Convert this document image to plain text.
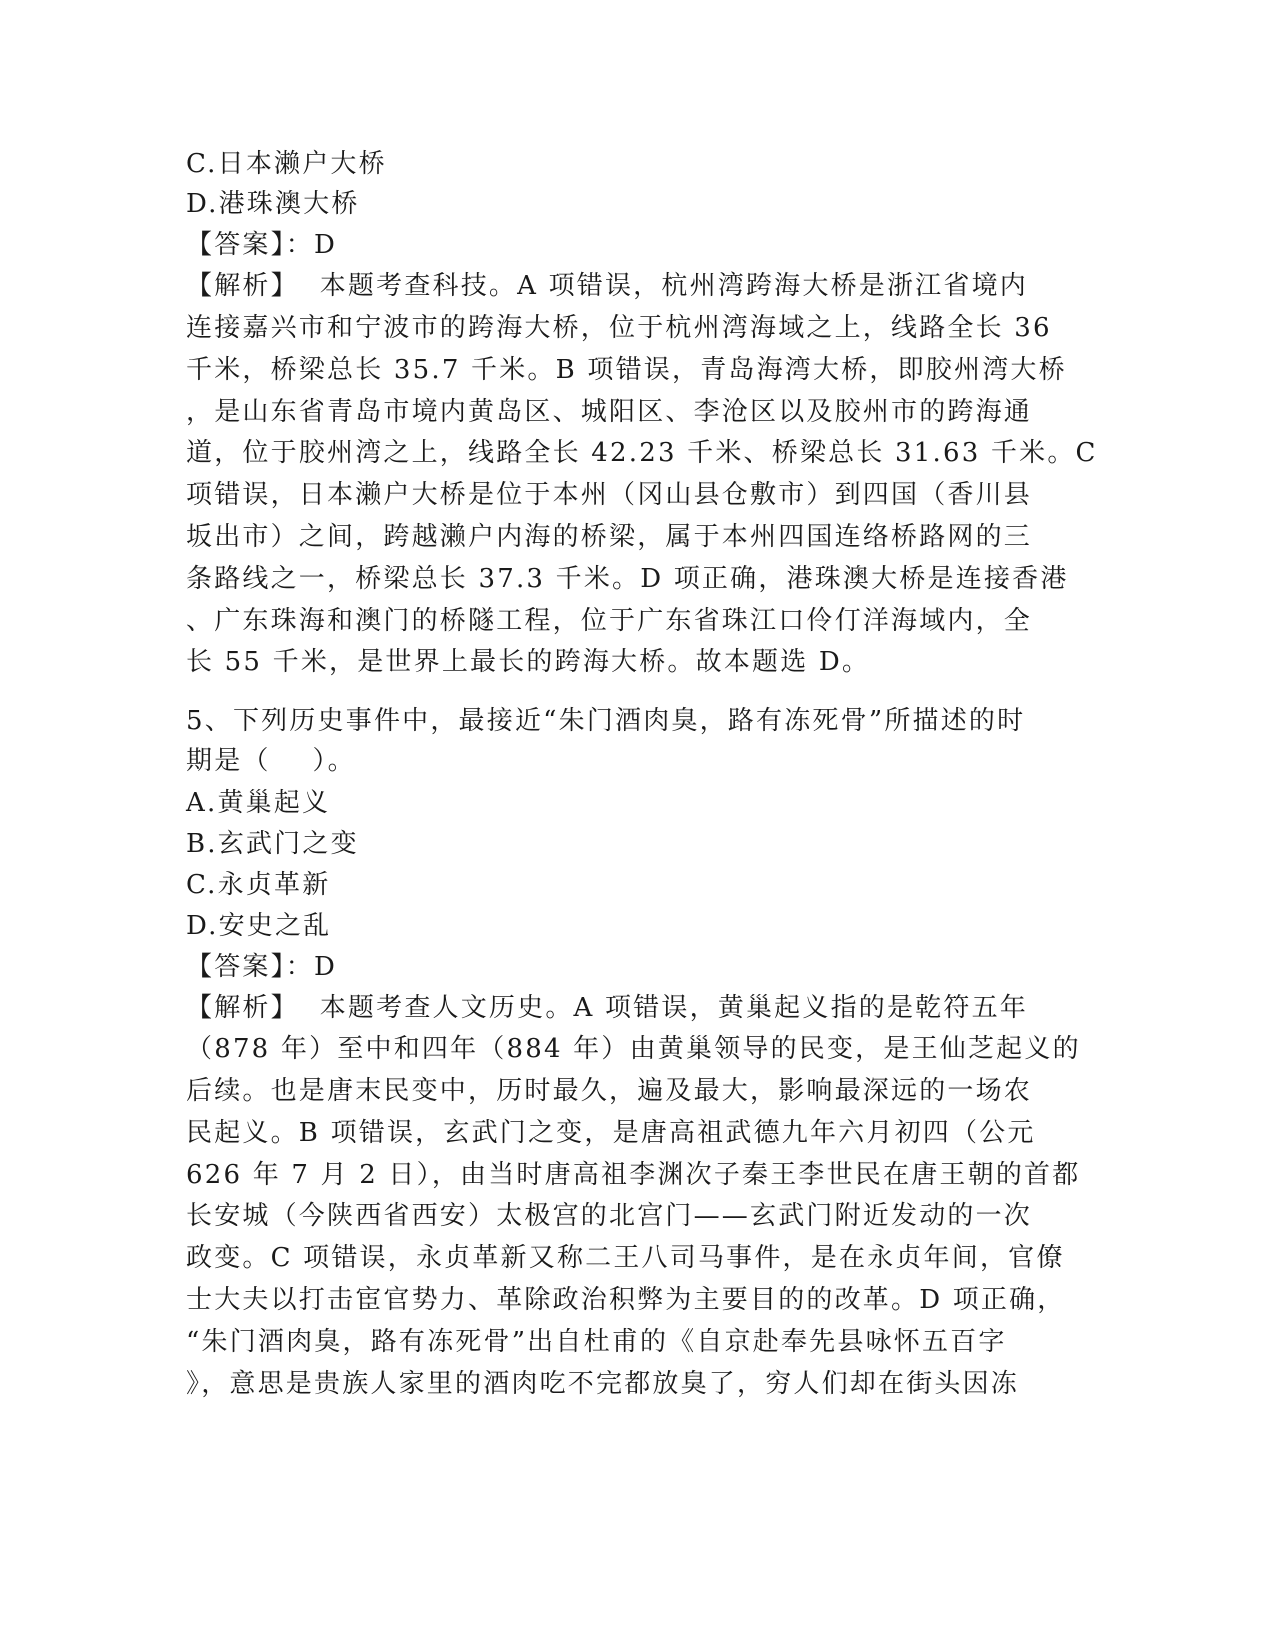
C.日本濑户大桥
D.港珠澳大桥
【答案】：D
【解析】  本题考查科技。A 项错误，杭州湾跨海大桥是浙江省境内
连接嘉兴市和宁波市的跨海大桥，位于杭州湾海域之上，线路全长 36
千米，桥梁总长 35.7 千米。B 项错误，青岛海湾大桥，即胶州湾大桥
，是山东省青岛市境内黄岛区、城阳区、李沧区以及胶州市的跨海通
道，位于胶州湾之上，线路全长 42.23 千米、桥梁总长 31.63 千米。C
项错误，日本濑户大桥是位于本州（冈山县仓敷市）到四国（香川县
坂出市）之间，跨越濑户内海的桥梁，属于本州四国连络桥路网的三
条路线之一，桥梁总长 37.3 千米。D 项正确，港珠澳大桥是连接香港
、广东珠海和澳门的桥隧工程，位于广东省珠江口伶仃洋海域内，全
长 55 千米，是世界上最长的跨海大桥。故本题选 D。
5、下列历史事件中，最接近“朱门酒肉臭，路有冻死骨”所描述的时
期是（    ）。
A.黄巢起义
B.玄武门之变
C.永贞革新
D.安史之乱
【答案】：D
【解析】  本题考查人文历史。A 项错误，黄巢起义指的是乾符五年
（878 年）至中和四年（884 年）由黄巢领导的民变，是王仙芝起义的
后续。也是唐末民变中，历时最久，遍及最大，影响最深远的一场农
民起义。B 项错误，玄武门之变，是唐高祖武德九年六月初四（公元
626 年 7 月 2 日），由当时唐高祖李渊次子秦王李世民在唐王朝的首都
长安城（今陕西省西安）太极宫的北宫门——玄武门附近发动的一次
政变。C 项错误，永贞革新又称二王八司马事件，是在永贞年间，官僚
士大夫以打击宦官势力、革除政治积弊为主要目的的改革。D 项正确，
“朱门酒肉臭，路有冻死骨”出自杜甫的《自京赴奉先县咏怀五百字
》，意思是贵族人家里的酒肉吃不完都放臭了，穷人们却在街头因冻
